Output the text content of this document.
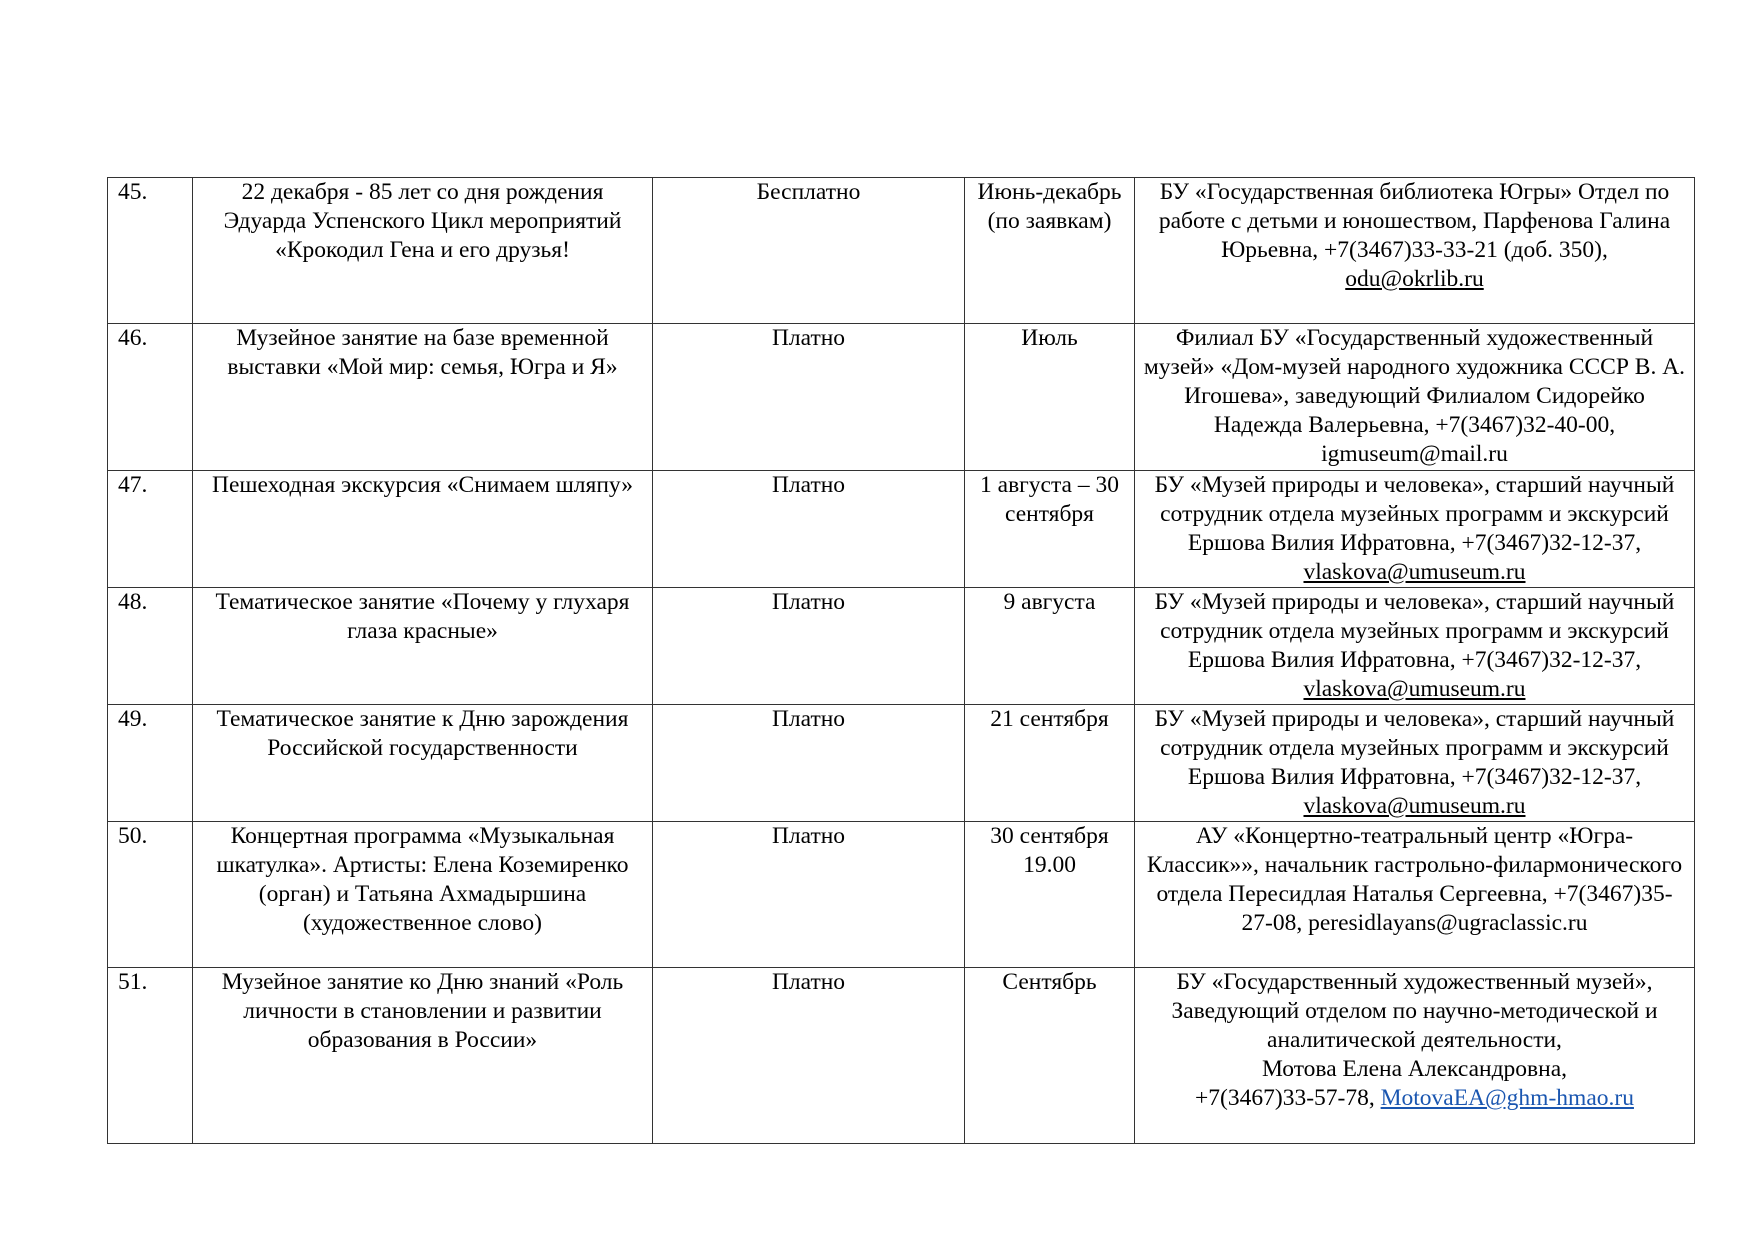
45.	22 декабря - 85 лет со дня рождения Эдуарда Успенского Цикл мероприятий «Крокодил Гена и его друзья!	Бесплатно	Июнь-декабрь (по заявкам)	БУ «Государственная библиотека Югры» Отдел по работе с детьми и юношеством, Парфенова Галина Юрьевна, +7(3467)33-33-21 (доб. 350),
odu@okrlib.ru
46.	Музейное занятие на базе временной выставки «Мой мир: семья, Югра и Я»	Платно	Июль	Филиал БУ «Государственный художественный музей» «Дом-музей народного художника СССР В. А. Игошева», заведующий Филиалом Сидорейко Надежда Валерьевна, +7(3467)32-40-00, igmuseum@mail.ru
47.	Пешеходная экскурсия «Снимаем шляпу»	Платно	1 августа – 30 сентября	БУ «Музей природы и человека», старший научный сотрудник отдела музейных программ и экскурсий Ершова Вилия Ифратовна, +7(3467)32-12-37, vlaskova@umuseum.ru
48.	Тематическое занятие «Почему у глухаря глаза красные»	Платно	9 августа	БУ «Музей природы и человека», старший научный сотрудник отдела музейных программ и экскурсий Ершова Вилия Ифратовна, +7(3467)32-12-37, vlaskova@umuseum.ru
49.	Тематическое занятие к Дню зарождения Российской государственности	Платно	21 сентября	БУ «Музей природы и человека», старший научный сотрудник отдела музейных программ и экскурсий Ершова Вилия Ифратовна, +7(3467)32-12-37, vlaskova@umuseum.ru
50.	Концертная программа «Музыкальная шкатулка». Артисты: Елена Коземиренко (орган) и Татьяна Ахмадыршина (художественное слово)	Платно	30 сентября 19.00	АУ «Концертно-театральный центр «Югра-Классик»», начальник гастрольно-филармонического отдела Пересидлая Наталья Сергеевна, +7(3467)35-27-08, peresidlayans@ugraclassic.ru
51.	Музейное занятие ко Дню знаний «Роль личности в становлении и развитии образования в России»	Платно	Сентябрь	БУ «Государственный художественный музей», Заведующий отделом по научно-методической и аналитической деятельности,
Мотова Елена Александровна,
+7(3467)33-57-78, MotovaEA@ghm-hmao.ru
